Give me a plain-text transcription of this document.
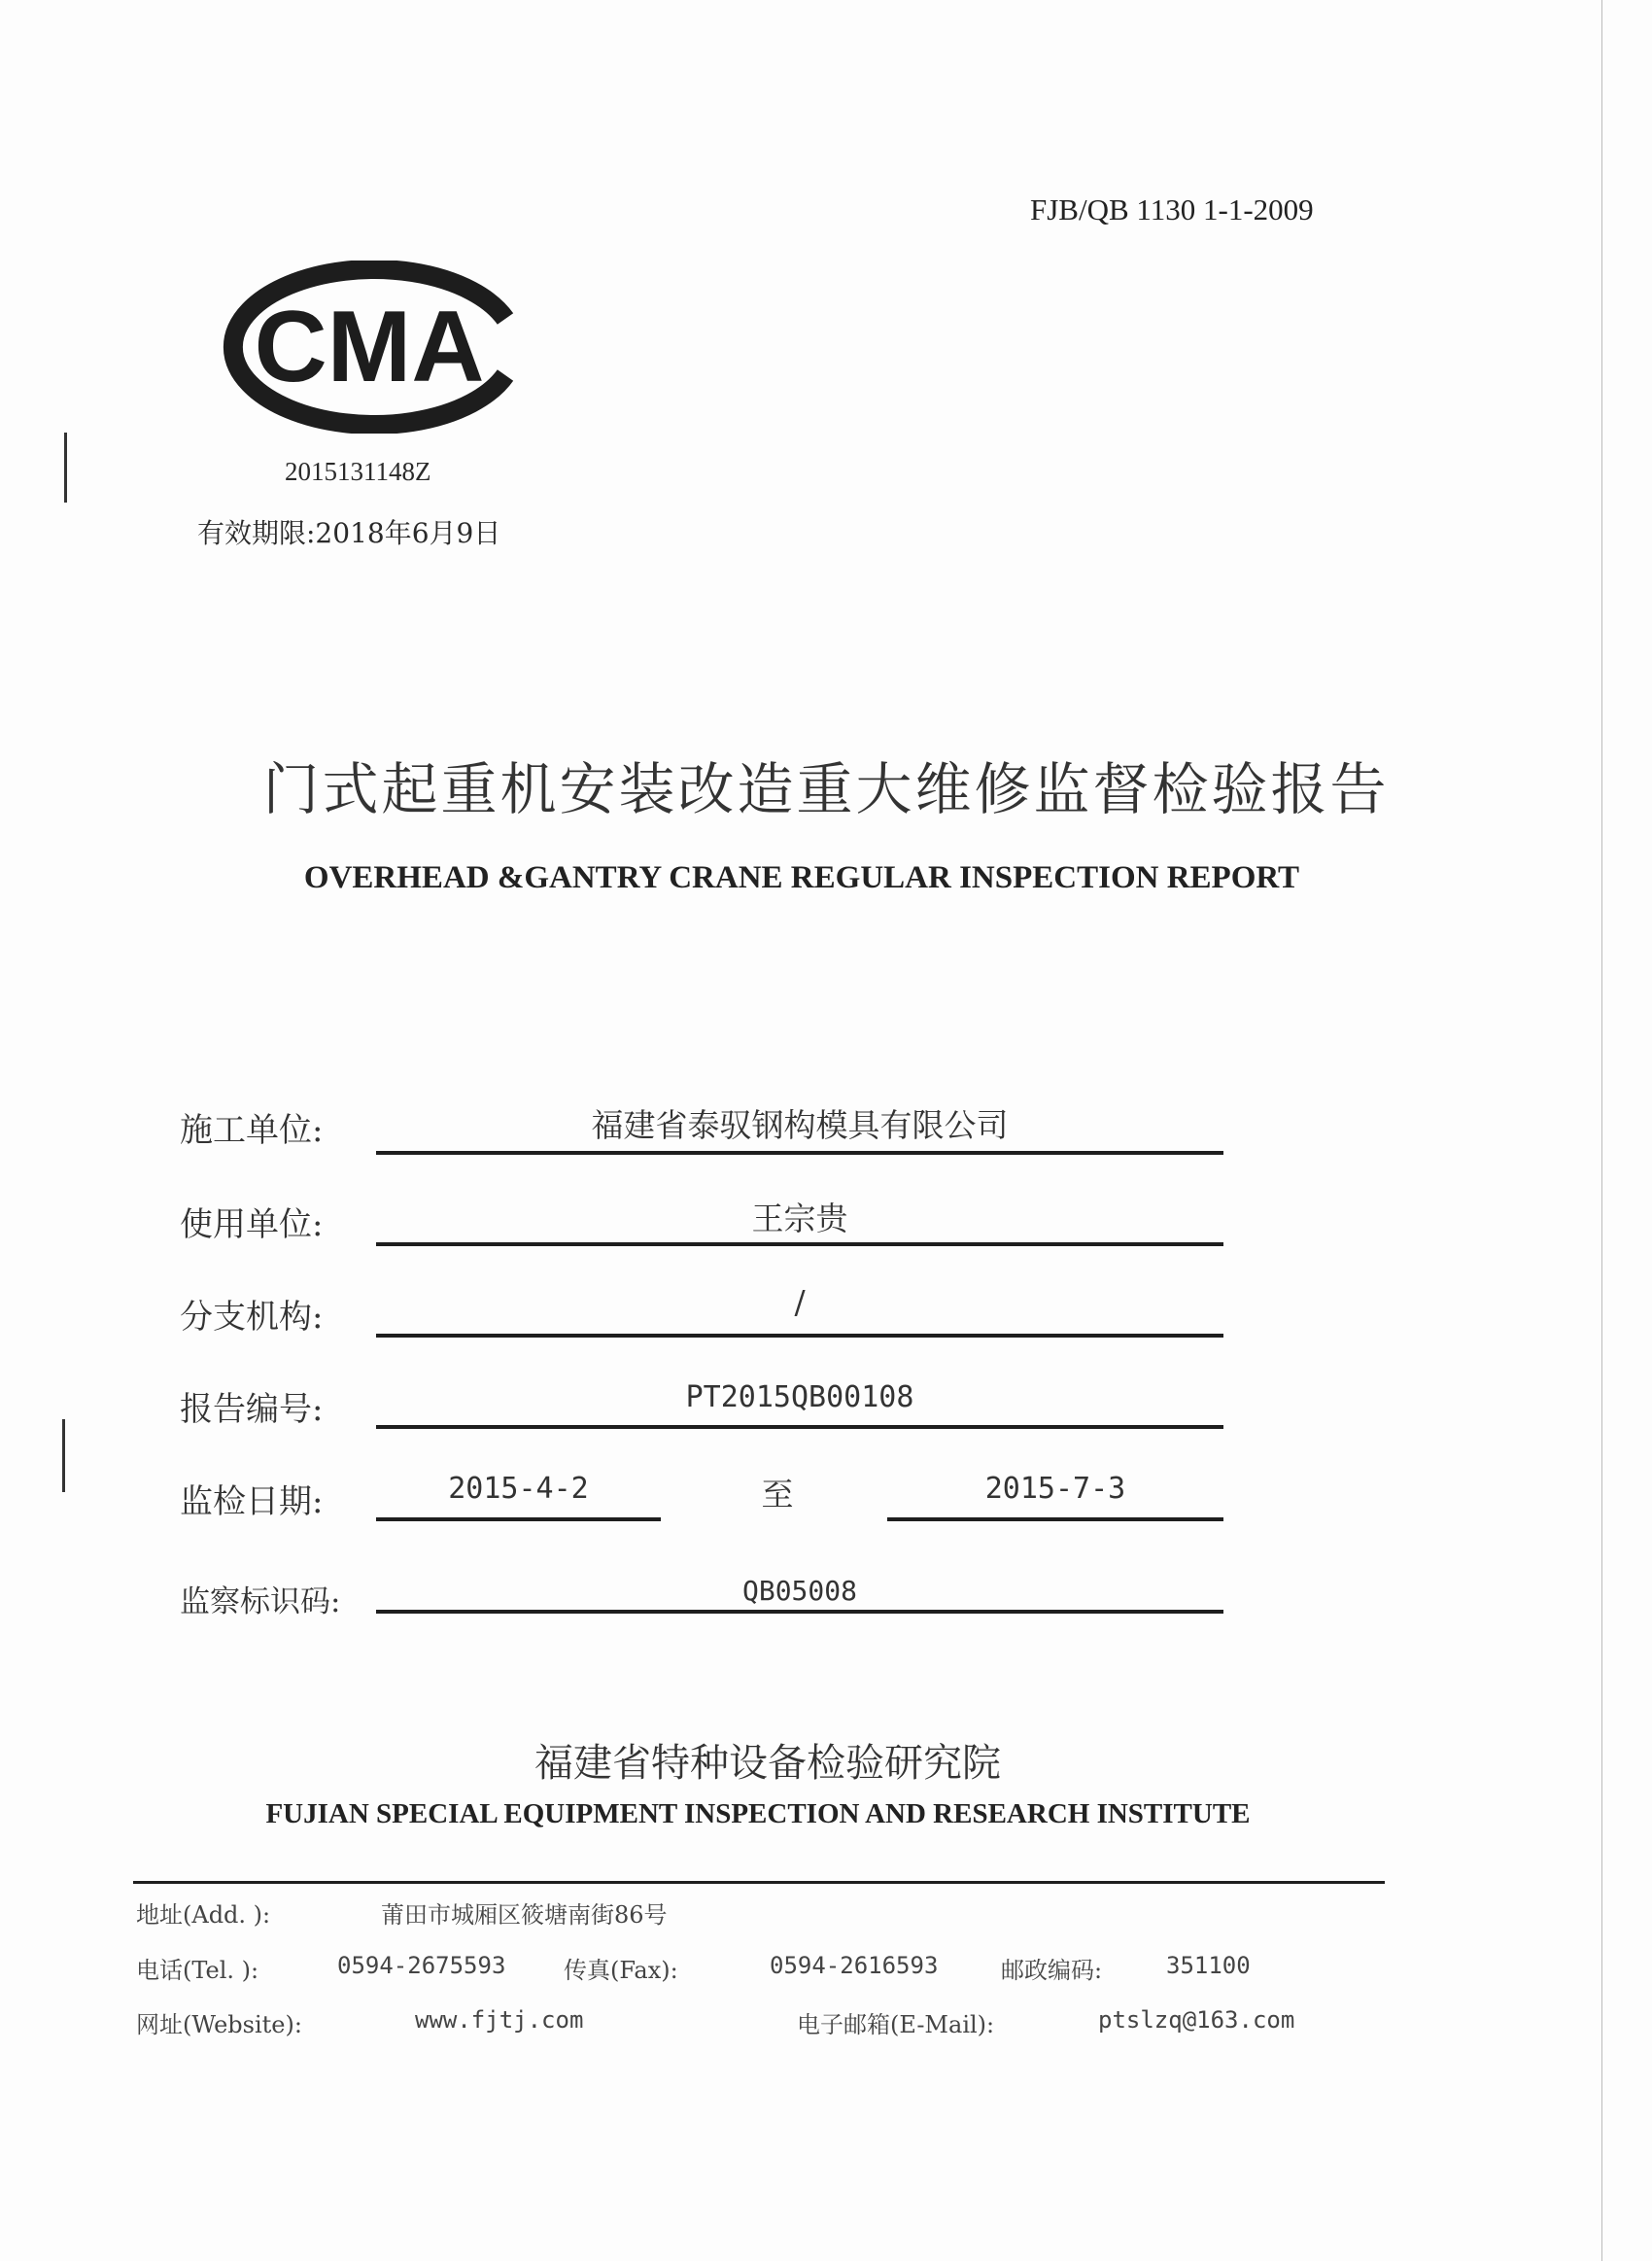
FJB/QB 1130 1-1-2009
CMA
2015131148Z
有效期限:2018年6月9日
门式起重机安装改造重大维修监督检验报告
OVERHEAD &GANTRY CRANE REGULAR INSPECTION REPORT
施工单位:	福建省泰驭钢构模具有限公司
使用单位:	王宗贵
分支机构:	/
报告编号:	PT2015QB00108
监检日期:	2015-4-2	至	2015-7-3
监察标识码:	QB05008
福建省特种设备检验研究院
FUJIAN SPECIAL EQUIPMENT INSPECTION AND RESEARCH INSTITUTE
地址(Add. ):	莆田市城厢区筱塘南街86号
电话(Tel. ):	0594-2675593 传真(Fax):	0594-2616593	邮政编码:	351100
网址(Website):	www.fjtj.com	电子邮箱(E-Mail):	ptslzq@163.com
